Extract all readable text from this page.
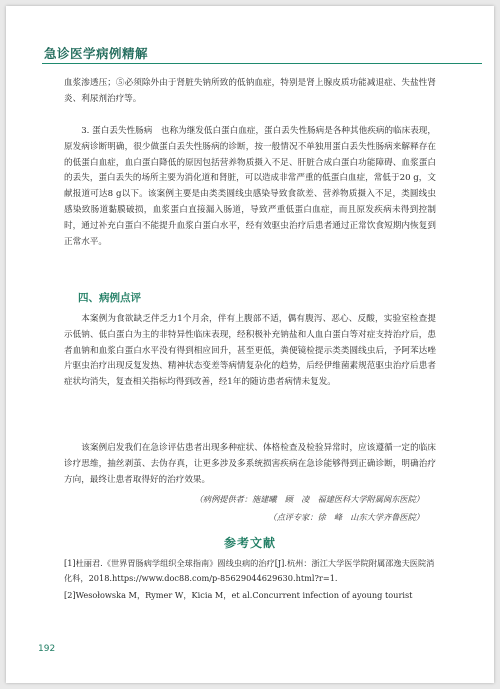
急诊医学病例精解

血浆渗透压；⑤必须除外由于肾脏失钠所致的低钠血症，特别是肾上腺皮质功能减退症、失盐性肾炎、利尿剂治疗等。

3. 蛋白丢失性肠病　也称为继发低白蛋白血症，蛋白丢失性肠病是各种其他疾病的临床表现，原发病诊断明确，很少做蛋白丢失性肠病的诊断，按一般情况不单独用蛋白丢失性肠病来解释存在的低蛋白血症，血白蛋白降低的原因包括营养物质摄入不足、肝脏合成白蛋白功能障碍、血浆蛋白的丢失，蛋白丢失的场所主要为消化道和肾脏，可以造成非常严重的低蛋白血症，常低于20 g，文献报道可达8 g以下。该案例主要是由类类圆线虫感染导致食欲差、营养物质摄入不足，类圆线虫感染致肠道黏膜破损，血浆蛋白直接漏入肠道，导致严重低蛋白血症，而且原发疾病未得到控制时，通过补充白蛋白不能提升血浆白蛋白水平，经有效驱虫治疗后患者通过正常饮食短期内恢复到正常水平。

四、病例点评

本案例为食欲缺乏伴乏力1个月余，伴有上腹部不适，偶有腹泻、恶心、反酸，实验室检查提示低钠、低白蛋白为主的非特异性临床表现，经积极补充钠盐和人血白蛋白等对症支持治疗后，患者血钠和血浆白蛋白水平没有得到相应回升，甚至更低，粪便镜检提示类类圆线虫后，予阿苯达唑片驱虫治疗出现反复发热、精神状态变差等病情复杂化的趋势，后经伊维菌素规范驱虫治疗后患者症状均消失，复查相关指标均得到改善，经1年的随访患者病情未复发。

该案例启发我们在急诊评估患者出现多种症状、体格检查及检验异常时，应该遵循一定的临床诊疗思维，抽丝剥茧、去伪存真，让更多涉及多系统损害疾病在急诊能够得到正确诊断，明确治疗方向，最终让患者取得好的治疗效果。

（病例提供者：施建曦　顾　凌　福建医科大学附属闽东医院）
（点评专家：徐　峰　山东大学齐鲁医院）
参考文献

[1]杜丽君.《世界胃肠病学组织全球指南》圆线虫病的治疗[J].杭州：浙江大学医学院附属邵逸夫医院消化科，2018.https://www.doc88.com/p-85629044629630.html?r=1.

[2]Wesołowska M，Rymer W，Kicia M，et al.Concurrent infection of ayoung tourist

192
